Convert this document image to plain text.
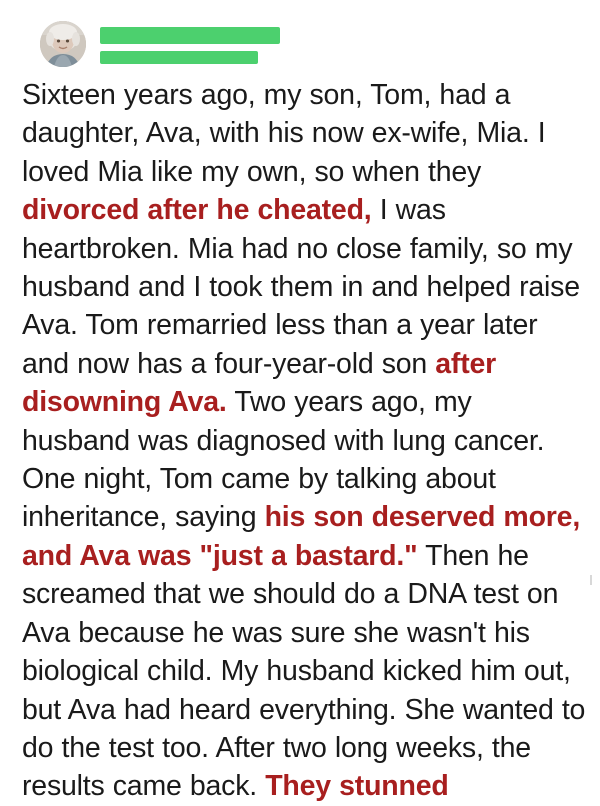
Sixteen years ago, my son, Tom, had a daughter, Ava, with his now ex-wife, Mia. I loved Mia like my own, so when they divorced after he cheated, I was heartbroken. Mia had no close family, so my husband and I took them in and helped raise Ava. Tom remarried less than a year later and now has a four-year-old son after disowning Ava. Two years ago, my husband was diagnosed with lung cancer. One night, Tom came by talking about inheritance, saying his son deserved more, and Ava was "just a bastard." Then he screamed that we should do a DNA test on Ava because he was sure she wasn't his biological child. My husband kicked him out, but Ava had heard everything. She wanted to do the test too. After two long weeks, the results came back. They stunned
